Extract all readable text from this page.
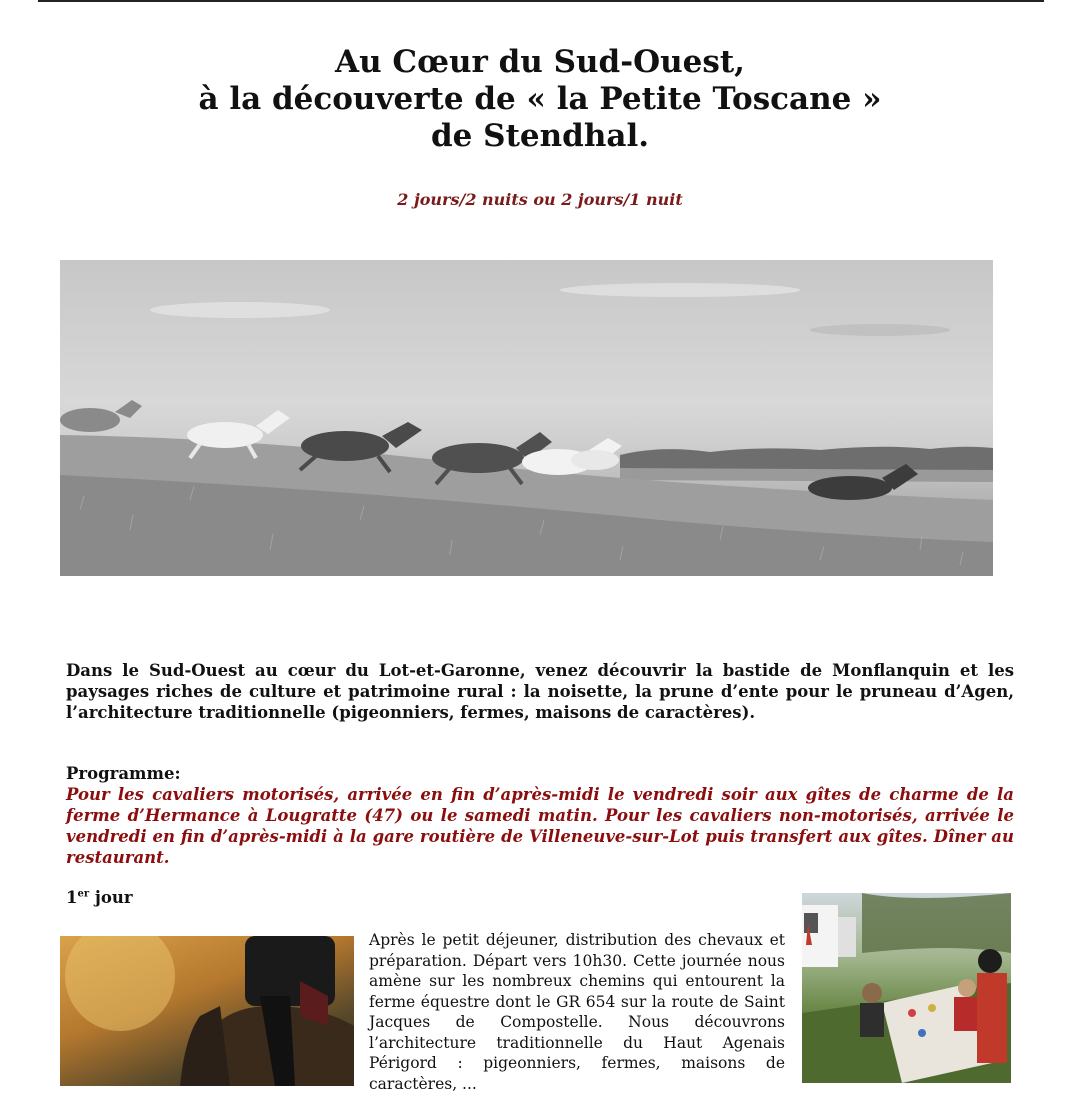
Au Cœur du Sud-Ouest,
à la découverte de « la Petite Toscane »
de Stendhal.
2 jours/2 nuits ou 2 jours/1 nuit
Dans le Sud-Ouest au cœur du Lot-et-Garonne, venez découvrir la bastide de Monflanquin et les paysages riches de culture et patrimoine rural : la noisette, la prune d’ente pour le pruneau d’Agen, l’architecture traditionnelle (pigeonniers, fermes, maisons de caractères).
Programme:
Pour les cavaliers motorisés, arrivée en fin d’après-midi le vendredi soir aux gîtes de charme de la ferme d’Hermance à Lougratte (47) ou le samedi matin. Pour les cavaliers non-motorisés, arrivée le vendredi en fin d’après-midi à la gare routière de Villeneuve-sur-Lot puis transfert aux gîtes. Dîner au restaurant.
1er jour
Après le petit déjeuner, distribution des chevaux et préparation. Départ vers 10h30. Cette journée nous amène sur les nombreux chemins qui entourent la ferme équestre dont le GR 654 sur la route de Saint Jacques de Compostelle. Nous découvrons l’architecture traditionnelle du Haut Agenais Périgord : pigeonniers, fermes, maisons de caractères, ...
